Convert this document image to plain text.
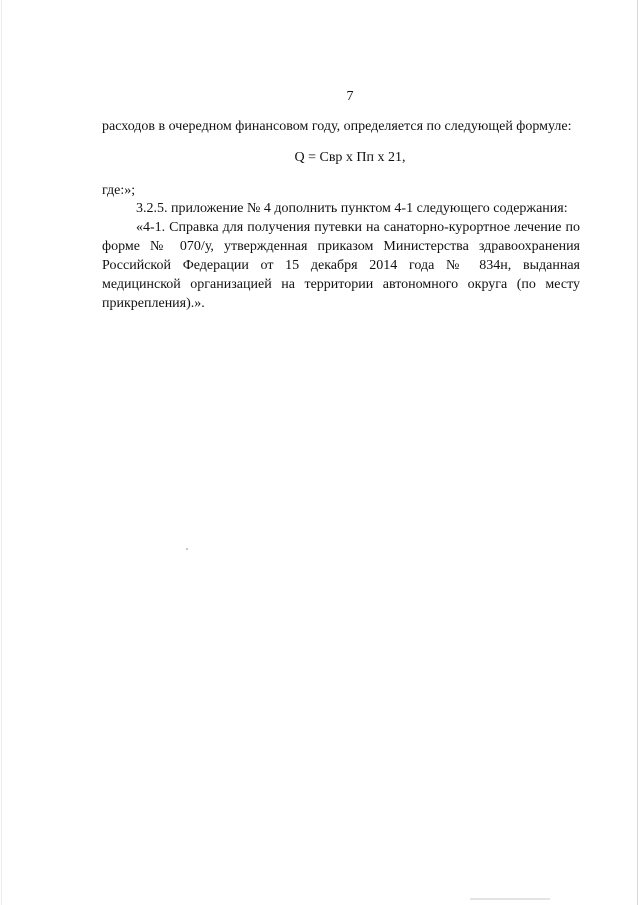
7
расходов в очередном финансовом году, определяется по следующей формуле:
Q = Свр x Пп x 21,
где:»;

3.2.5. приложение № 4 дополнить пунктом 4-1 следующего содержания:

«4-1. Справка для получения путевки на санаторно-курортное лечение по форме № 070/у, утвержденная приказом Министерства здравоохранения Российской Федерации от 15 декабря 2014 года № 834н, выданная медицинской организацией на территории автономного округа (по месту прикрепления).».
